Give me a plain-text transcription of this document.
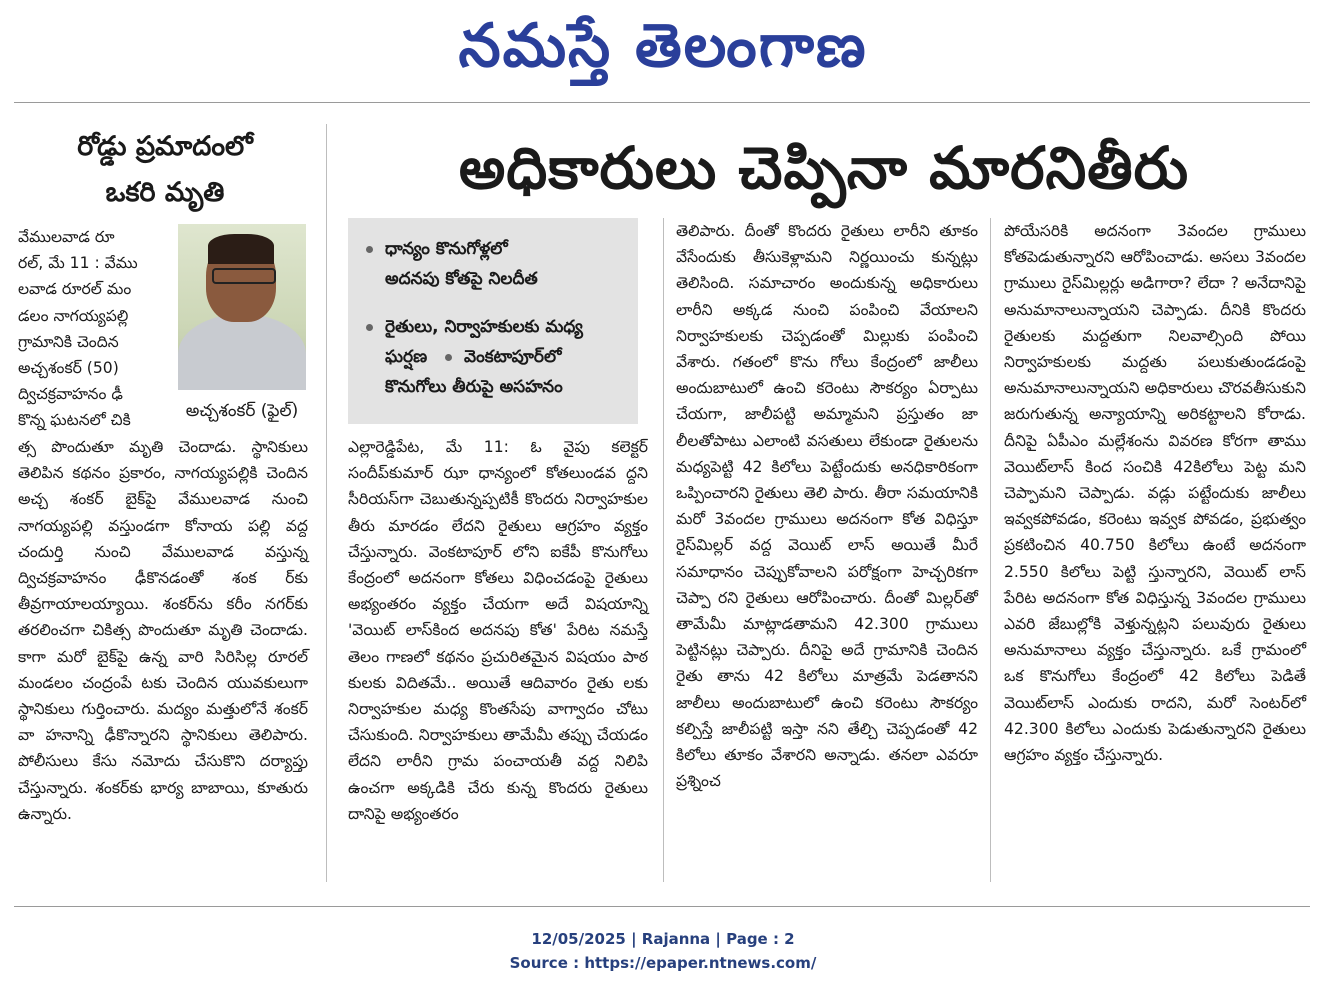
నమస్తే తెలంగాణ
రోడ్డు ప్రమాదంలో
ఒకరి మృతి
వేములవాడ రూ
రల్, మే 11 : వేము
లవాడ రూరల్ మం
డలం నాగయ్యపల్లి
గ్రామానికి చెందిన
అచ్చశంకర్ (50)
ద్విచక్రవాహనం ఢీ
కొన్న ఘటనలో చికి	అచ్చశంకర్ (ఫైల్)

త్స పొందుతూ మృతి చెందాడు. స్థానికులు తెలిపిన కథనం ప్రకారం, నాగయ్యపల్లికి చెందిన అచ్చ శంకర్ బైక్‌పై వేములవాడ నుంచి నాగయ్యపల్లి వస్తుండగా కోనాయ పల్లి వద్ద చందుర్తి నుంచి వేములవాడ వస్తున్న ద్విచక్రవాహనం ఢీకొనడంతో శంక ర్‌కు తీవ్రగాయాలయ్యాయి. శంకర్‌ను కరీం నగర్‌కు తరలించగా చికిత్స పొందుతూ మృతి చెందాడు. కాగా మరో బైక్‌పై ఉన్న వారి సిరిసిల్ల రూరల్ మండలం చంద్రంపే టకు చెందిన యువకులుగా స్థానికులు గుర్తించారు. మద్యం మత్తులోనే శంకర్ వా హనాన్ని ఢీకొన్నారని స్థానికులు తెలిపారు. పోలీసులు కేసు నమోదు చేసుకొని దర్యాప్తు చేస్తున్నారు. శంకర్‌కు భార్య బాబాయి, కూతురు ఉన్నారు.

అధికారులు చెప్పినా మారనితీరు
ధాన్యం కొనుగోళ్లలో
అదనపు కోతపై నిలదీత
రైతులు, నిర్వాహకులకు మధ్య
ఘర్షణ వెంకటాపూర్‌లో
కొనుగోలు తీరుపై అసహనం

ఎల్లారెడ్డిపేట, మే 11: ఓ వైపు కలెక్టర్ సందీప్‌కుమార్ ఝా ధాన్యంలో కోతలుండవ ద్దని సీరియస్‌గా చెబుతున్నప్పటికీ కొందరు నిర్వాహకుల తీరు మారడం లేదని రైతులు ఆగ్రహం వ్యక్తం చేస్తున్నారు. వెంకటాపూర్ లోని ఐకేపీ కొనుగోలు కేంద్రంలో అదనంగా కోతలు విధించడంపై రైతులు అభ్యంతరం వ్యక్తం చేయగా అదే విషయాన్ని 'వెయిట్ లాస్‌కింద అదనపు కోత' పేరిట నమస్తే తెలం గాణలో కథనం ప్రచురితమైన విషయం పాఠ కులకు విదితమే.. అయితే ఆదివారం రైతు లకు నిర్వాహకుల మధ్య కొంతసేపు వాగ్వాదం చోటు చేసుకుంది. నిర్వాహకులు తామేమీ తప్పు చేయడం లేదని లారీని గ్రామ పంచాయతీ వద్ద నిలిపి ఉంచగా అక్కడికి చేరు కున్న కొందరు రైతులు దానిపై అభ్యంతరం

తెలిపారు. దీంతో కొందరు రైతులు లారీని తూకం వేసేందుకు తీసుకెళ్లామని నిర్ణయించు కున్నట్లు తెలిసింది. సమాచారం అందుకున్న అధికారులు లారీని అక్కడ నుంచి పంపించి వేయాలని నిర్వాహకులకు చెప్పడంతో మిల్లుకు పంపించి వేశారు. గతంలో కొను గోలు కేంద్రంలో జాలీలు అందుబాటులో ఉంచి కరెంటు సౌకర్యం ఏర్పాటు చేయగా, జాలీపట్టి అమ్మామని ప్రస్తుతం జా లీలతోపాటు ఎలాంటి వసతులు లేకుండా రైతులను మధ్యపెట్టి 42 కిలోలు పెట్టేందుకు అనధికారికంగా ఒప్పించారని రైతులు తెలి పారు. తీరా సమయానికి మరో 3వందల గ్రాములు అదనంగా కోత విధిస్తూ రైస్‌మిల్లర్ వద్ద వెయిట్ లాస్ అయితే మీరే సమాధానం చెప్పుకోవాలని పరోక్షంగా హెచ్చరికగా చెప్పా రని రైతులు ఆరోపించారు. దీంతో మిల్లర్‌తో తామేమీ మాట్లాడతామని 42.300 గ్రాములు పెట్టినట్లు చెప్పారు. దీనిపై అదే గ్రామానికి చెందిన రైతు తాను 42 కిలోలు మాత్రమే పెడతానని జాలీలు అందుబాటులో ఉంచి కరెంటు సౌకర్యం కల్పిస్తే జాలీపట్టి ఇస్తా నని తేల్చి చెప్పడంతో 42 కిలోలు తూకం వేశారని అన్నాడు. తనలా ఎవరూ ప్రశ్నించ

పోయేసరికి అదనంగా 3వందల గ్రాములు కోతపెడుతున్నారని ఆరోపించాడు. అసలు 3వందల గ్రాములు రైస్‌మిల్లర్లు అడిగారా? లేదా ? అనేదానిపై అనుమానాలున్నాయని చెప్పాడు. దీనికి కొందరు రైతులకు మద్దతుగా నిలవాల్సింది పోయి నిర్వాహకులకు మద్దతు పలుకుతుండడంపై అనుమానాలున్నాయని అధికారులు చొరవతీసుకుని జరుగుతున్న అన్యాయాన్ని అరికట్టాలని కోరాడు. దీనిపై ఏపీఎం మల్లేశంను వివరణ కోరగా తాము వెయిట్‌లాస్ కింద సంచికి 42కిలోలు పెట్ట మని చెప్పామని చెప్పాడు. వడ్లు పట్టేందుకు జాలీలు ఇవ్వకపోవడం, కరెంటు ఇవ్వక పోవడం, ప్రభుత్వం ప్రకటించిన 40.750 కిలోలు ఉంటే అదనంగా 2.550 కిలోలు పెట్టి స్తున్నారని, వెయిట్ లాస్ పేరిట అదనంగా కోత విధిస్తున్న 3వందల గ్రాములు ఎవరి జేబుల్లోకి వెళ్తున్నట్లని పలువురు రైతులు అనుమానాలు వ్యక్తం చేస్తున్నారు. ఒకే గ్రామంలో ఒక కొనుగోలు కేంద్రంలో 42 కిలోలు పెడితే వెయిట్‌లాస్ ఎందుకు రాదని, మరో సెంటర్‌లో 42.300 కిలోలు ఎందుకు పెడుతున్నారని రైతులు ఆగ్రహం వ్యక్తం చేస్తున్నారు.

12/05/2025 | Rajanna | Page : 2
Source : https://epaper.ntnews.com/
